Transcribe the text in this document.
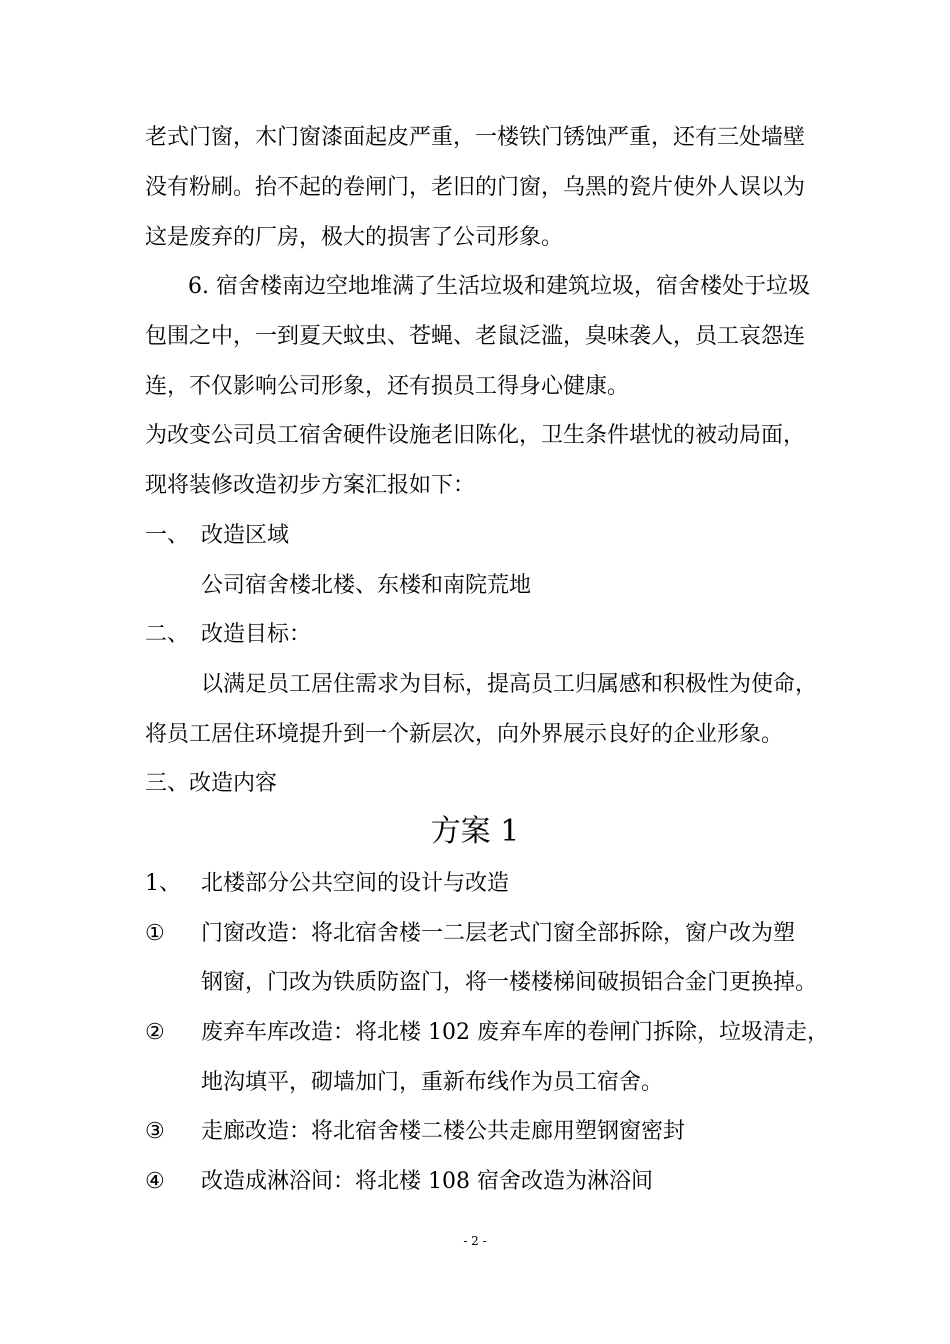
老式门窗，木门窗漆面起皮严重，一楼铁门锈蚀严重，还有三处墙壁
没有粉刷。抬不起的卷闸门，老旧的门窗，乌黑的瓷片使外人误以为
这是废弃的厂房，极大的损害了公司形象。
6. 宿舍楼南边空地堆满了生活垃圾和建筑垃圾，宿舍楼处于垃圾
包围之中，一到夏天蚊虫、苍蝇、老鼠泛滥，臭味袭人，员工哀怨连
连，不仅影响公司形象，还有损员工得身心健康。
为改变公司员工宿舍硬件设施老旧陈化，卫生条件堪忧的被动局面，
现将装修改造初步方案汇报如下：
一、 改造区域
公司宿舍楼北楼、东楼和南院荒地
二、 改造目标：
以满足员工居住需求为目标，提高员工归属感和积极性为使命，
将员工居住环境提升到一个新层次，向外界展示良好的企业形象。
三、改造内容
方案 1
1、 北楼部分公共空间的设计与改造
① 门窗改造：将北宿舍楼一二层老式门窗全部拆除，窗户改为塑
钢窗，门改为铁质防盗门，将一楼楼梯间破损铝合金门更换掉。
② 废弃车库改造：将北楼 102 废弃车库的卷闸门拆除，垃圾清走，
地沟填平，砌墙加门，重新布线作为员工宿舍。
③ 走廊改造：将北宿舍楼二楼公共走廊用塑钢窗密封
④ 改造成淋浴间：将北楼 108 宿舍改造为淋浴间
- 2 -
